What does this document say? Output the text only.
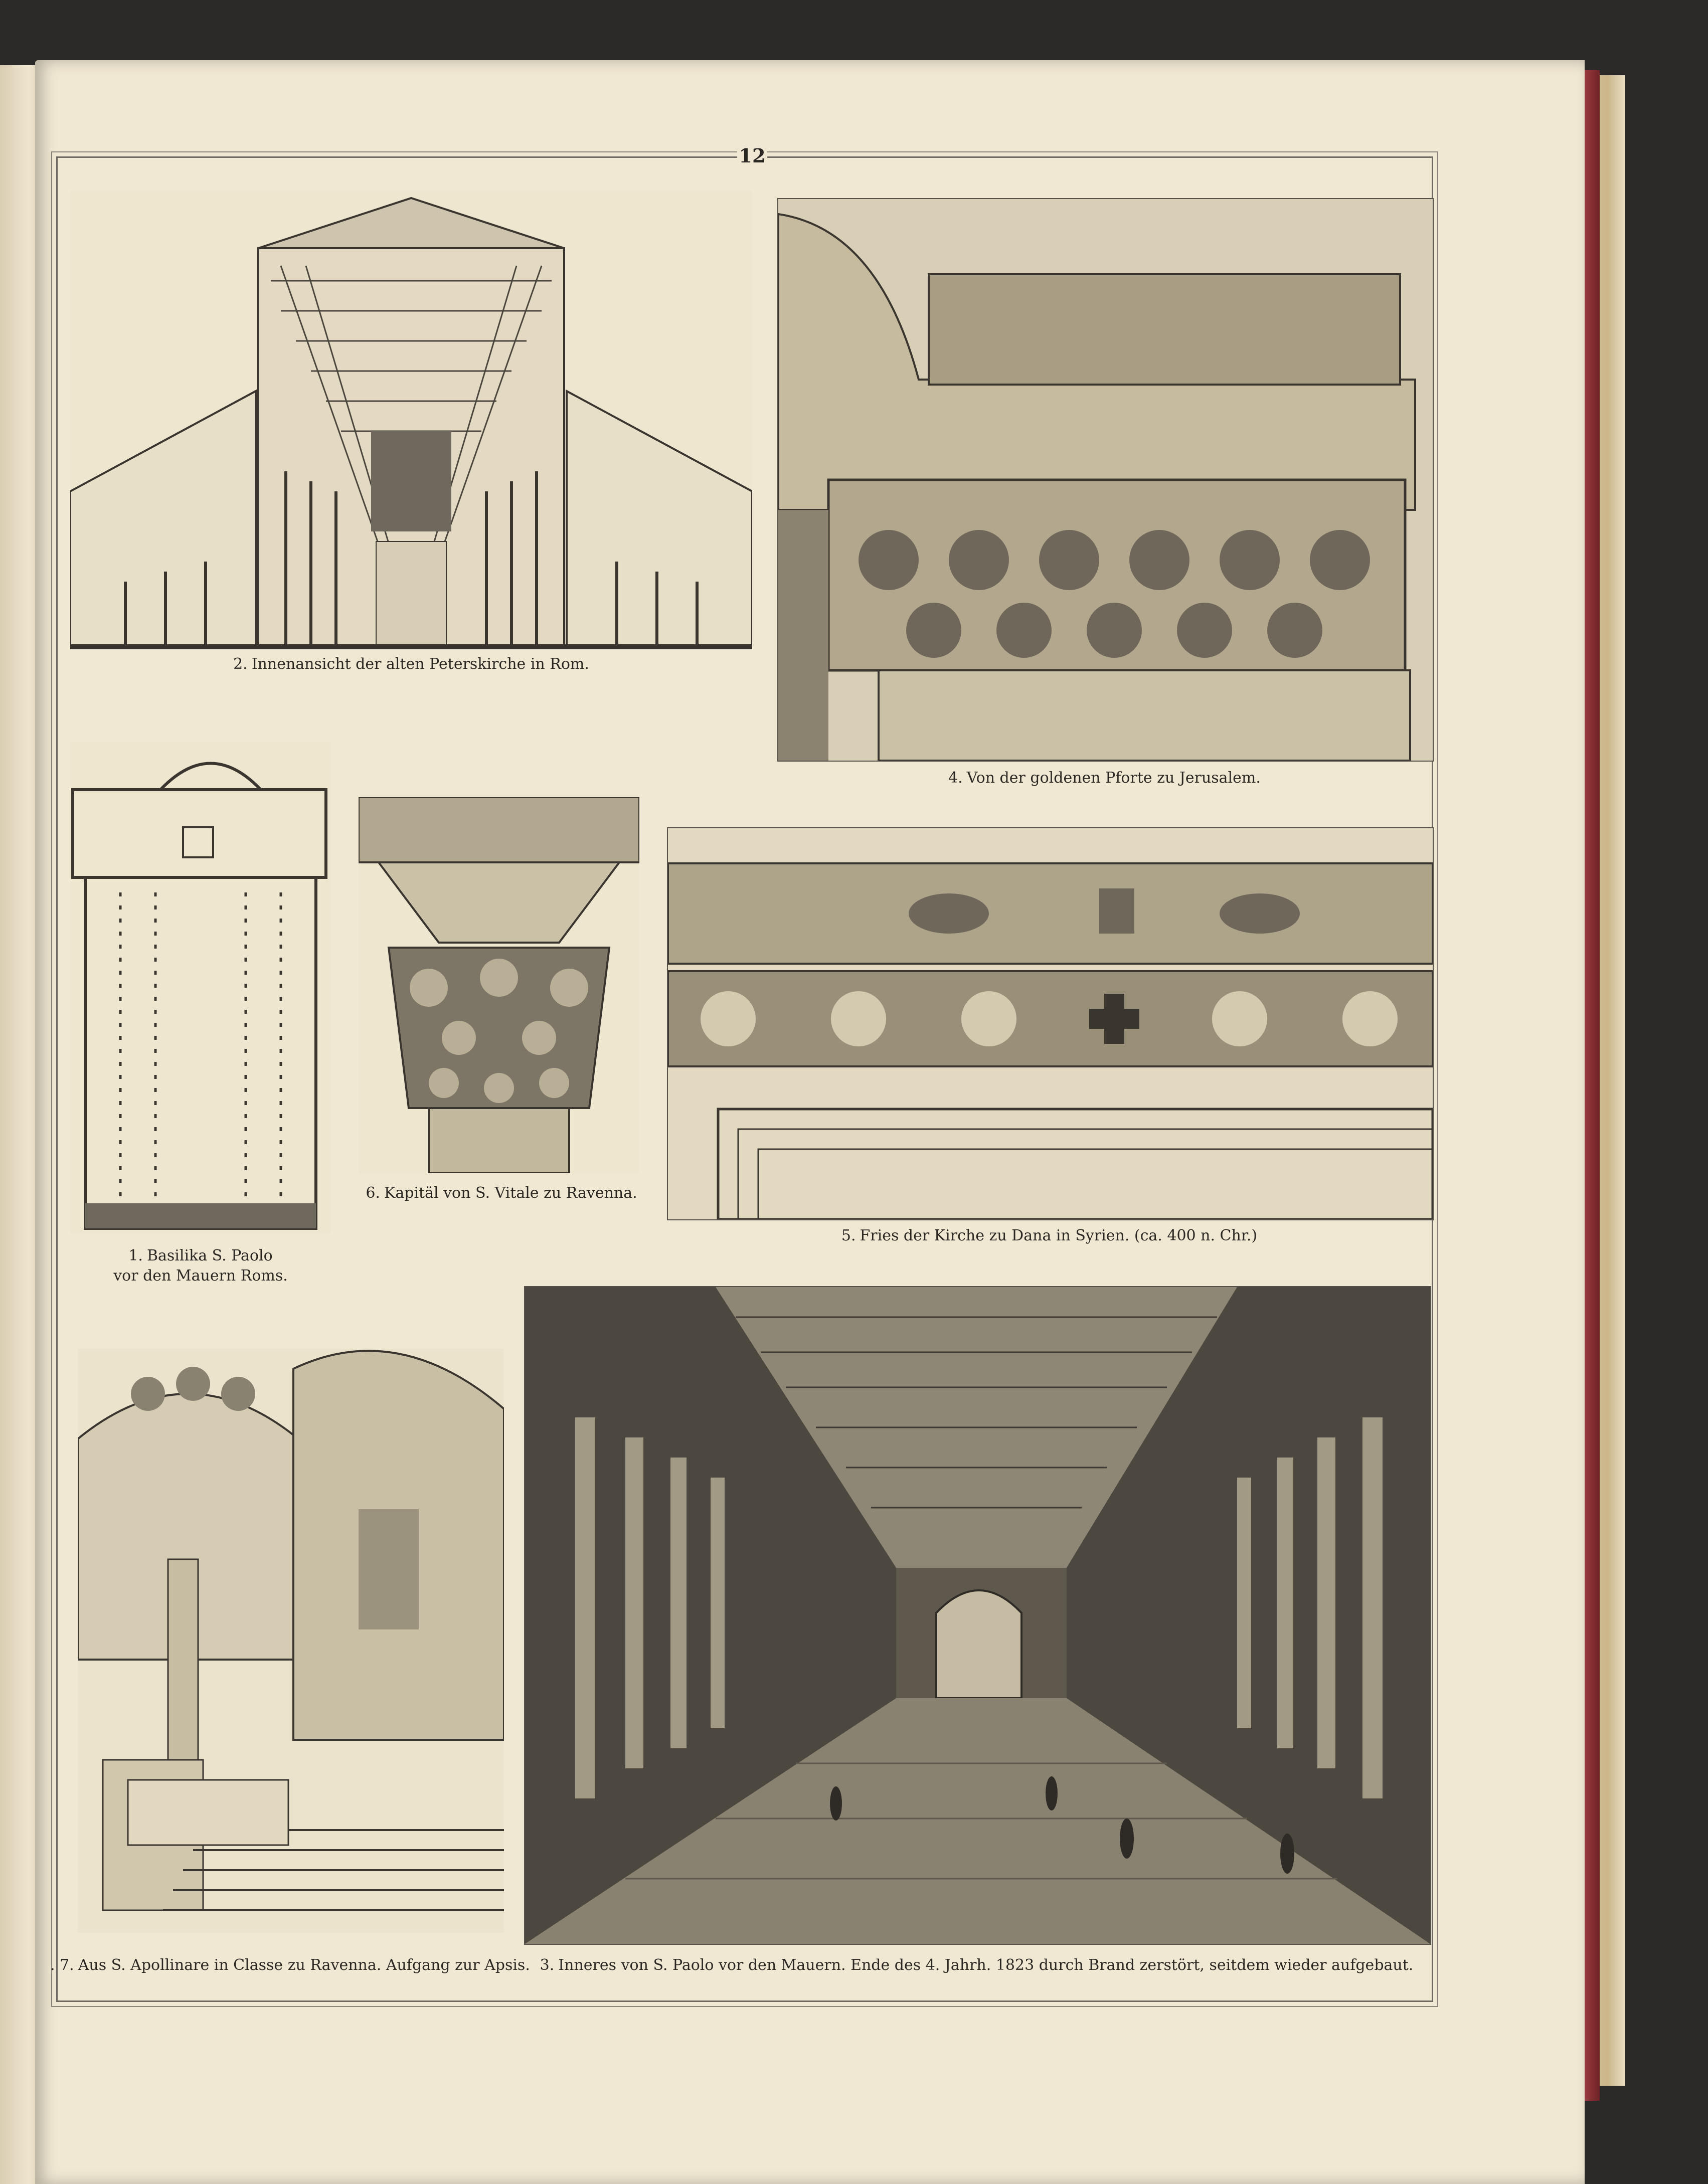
12
2. Innenansicht der alten Peterskirche in Rom.
4. Von der goldenen Pforte zu Jerusalem.
1. Basilika S. Paolo
vor den Mauern Roms.
6. Kapitäl von S. Vitale zu Ravenna.
5. Fries der Kirche zu Dana in Syrien. (ca. 400 n. Chr.)
. 7. Aus S. Apollinare in Classe zu Ravenna. Aufgang zur Apsis. 3. Inneres von S. Paolo vor den Mauern. Ende des 4. Jahrh. 1823 durch Brand zerstört, seitdem wieder aufgebaut.
